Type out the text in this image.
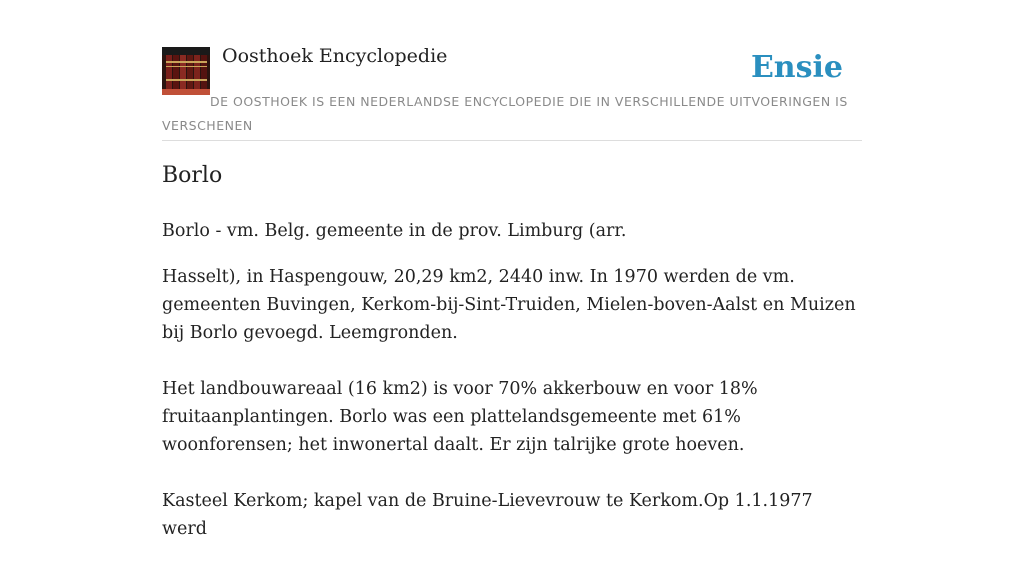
Oosthoek Encyclopedie	Ensie
DE OOSTHOEK IS EEN NEDERLANDSE ENCYCLOPEDIE DIE IN VERSCHILLENDE UITVOERINGEN IS VERSCHENEN
Borlo

Borlo - vm. Belg. gemeente in de prov. Limburg (arr.

Hasselt), in Haspengouw, 20,29 km2, 2440 inw. In 1970 werden de vm. gemeenten Buvingen, Kerkom-bij-Sint-Truiden, Mielen-boven-Aalst en Muizen bij Borlo gevoegd. Leemgronden.

Het landbouwareaal (16 km2) is voor 70% akkerbouw en voor 18% fruitaanplantingen. Borlo was een plattelandsgemeente met 61% woonforensen; het inwonertal daalt. Er zijn talrijke grote hoeven.

Kasteel Kerkom; kapel van de Bruine-Lievevrouw te Kerkom.Op 1.1.1977 werd
